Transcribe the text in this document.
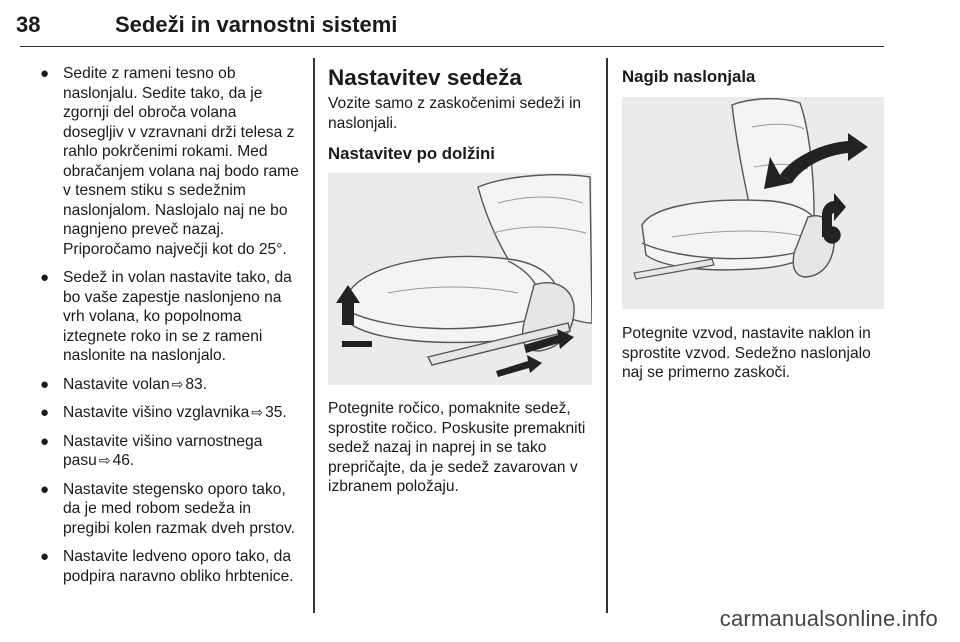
38	Sedeži in varnostni sistemi
● Sedite z rameni tesno ob naslonjalu. Sedite tako, da je zgornji del obroča volana dosegljiv v vzravnani drži telesa z rahlo pokrčenimi rokami. Med obračanjem volana naj bodo rame v tesnem stiku s sedežnim naslonjalom. Naslojalo naj ne bo nagnjeno preveč nazaj. Priporočamo največji kot do 25°.
● Sedež in volan nastavite tako, da bo vaše zapestje naslonjeno na vrh volana, ko popolnoma iztegnete roko in se z rameni naslonite na naslonjalo.
● Nastavite volan ⇨ 83.
● Nastavite višino vzglavnika ⇨ 35.
● Nastavite višino varnostnega pasu ⇨ 46.
● Nastavite stegensko oporo tako, da je med robom sedeža in pregibi kolen razmak dveh prstov.
● Nastavite ledveno oporo tako, da podpira naravno obliko hrbtenice.
Nastavitev sedeža

Vozite samo z zaskočenimi sedeži in naslonjali.

Nastavitev po dolžini

Potegnite ročico, pomaknite sedež, sprostite ročico. Poskusite premakniti sedež nazaj in naprej in se tako prepričajte, da je sedež zavarovan v izbranem položaju.

Nagib naslonjala

Potegnite vzvod, nastavite naklon in sprostite vzvod. Sedežno naslonjalo naj se primerno zaskoči.

carmanualsonline.info
